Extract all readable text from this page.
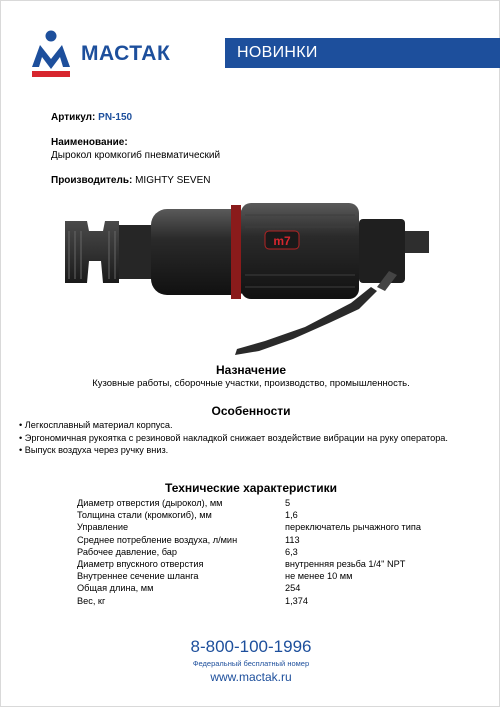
МАСТАК	НОВИНКИ
Артикул: PN-150
Наименование:
Дырокол кромкогиб пневматический
Производитель: MIGHTY SEVEN
m7
Назначение
Кузовные работы, сборочные участки, производство, промышленность.
Особенности
• Легкосплавный материал корпуса.
• Эргономичная рукоятка с резиновой накладкой снижает воздействие вибрации на руку оператора.
• Выпуск воздуха через ручку вниз.
Технические характеристики
Диаметр отверстия (дырокол), мм	5
Толщина стали (кромкогиб), мм	1,6
Управление	переключатель рычажного типа
Среднее потребление воздуха, л/мин	113
Рабочее давление, бар	6,3
Диаметр впускного отверстия	внутренняя резьба 1/4" NPT
Внутреннее сечение шланга	не менее 10 мм
Общая длина, мм	254
Вес, кг	1,374
8-800-100-1996
Федеральный бесплатный номер
www.mactak.ru
